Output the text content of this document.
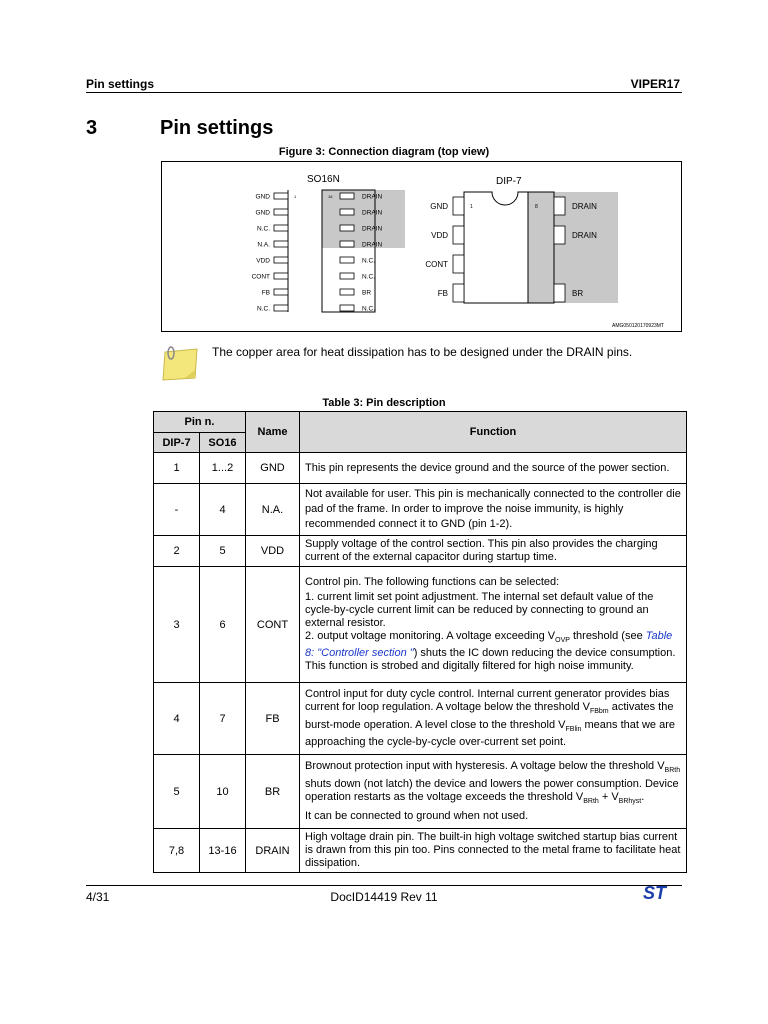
Pin settings	VIPER17
3	Pin settings
Figure 3: Connection diagram (top view)
SO16N
1	16
GND
GND
N.C.
N.A.
VDD
CONT
FB
N.C.
DRAIN
DRAIN
DRAIN
DRAIN
N.C.
N.C.
BR
N.C.
DIP-7
1	8
GND
VDD
CONT
FB
DRAIN
DRAIN
BR
AMG050120170923MT
The copper area for heat dissipation has to be designed under the DRAIN pins.
Table 3: Pin description
Pin n.		Name	Function
DIP-7	SO16		
1	1...2	GND	This pin represents the device ground and the source of the power section.
-	4	N.A.	Not available for user. This pin is mechanically connected to the controller die pad of the frame. In order to improve the noise immunity, is highly recommended connect it to GND (pin 1-2).
2	5	VDD	Supply voltage of the control section. This pin also provides the charging current of the external capacitor during startup time.
3	6	CONT	Control pin. The following functions can be selected:
1. current limit set point adjustment. The internal set default value of the cycle-by-cycle current limit can be reduced by connecting to ground an external resistor.
2. output voltage monitoring. A voltage exceeding $V_{OVP}$ threshold (see Table 8: "Controller section ") shuts the IC down reducing the device consumption. This function is strobed and digitally filtered for high noise immunity.

4	7	FB	Control input for duty cycle control. Internal current generator provides bias current for loop regulation. A voltage below the threshold $V_{FBbm}$ activates the burst-mode operation. A level close to the threshold $V_{FBlin}$ means that we are approaching the cycle-by-cycle over-current set point.
5	10	BR	Brownout protection input with hysteresis. A voltage below the threshold $V_{BRth}$ shuts down (not latch) the device and lowers the power consumption. Device operation restarts as the voltage exceeds the threshold $V_{BRth} + V_{BRhyst}$.
It can be connected to ground when not used.

7,8	13-16	DRAIN	High voltage drain pin. The built-in high voltage switched startup bias current is drawn from this pin too. Pins connected to the metal frame to facilitate heat dissipation.
4/31	DocID14419 Rev 11	ST
